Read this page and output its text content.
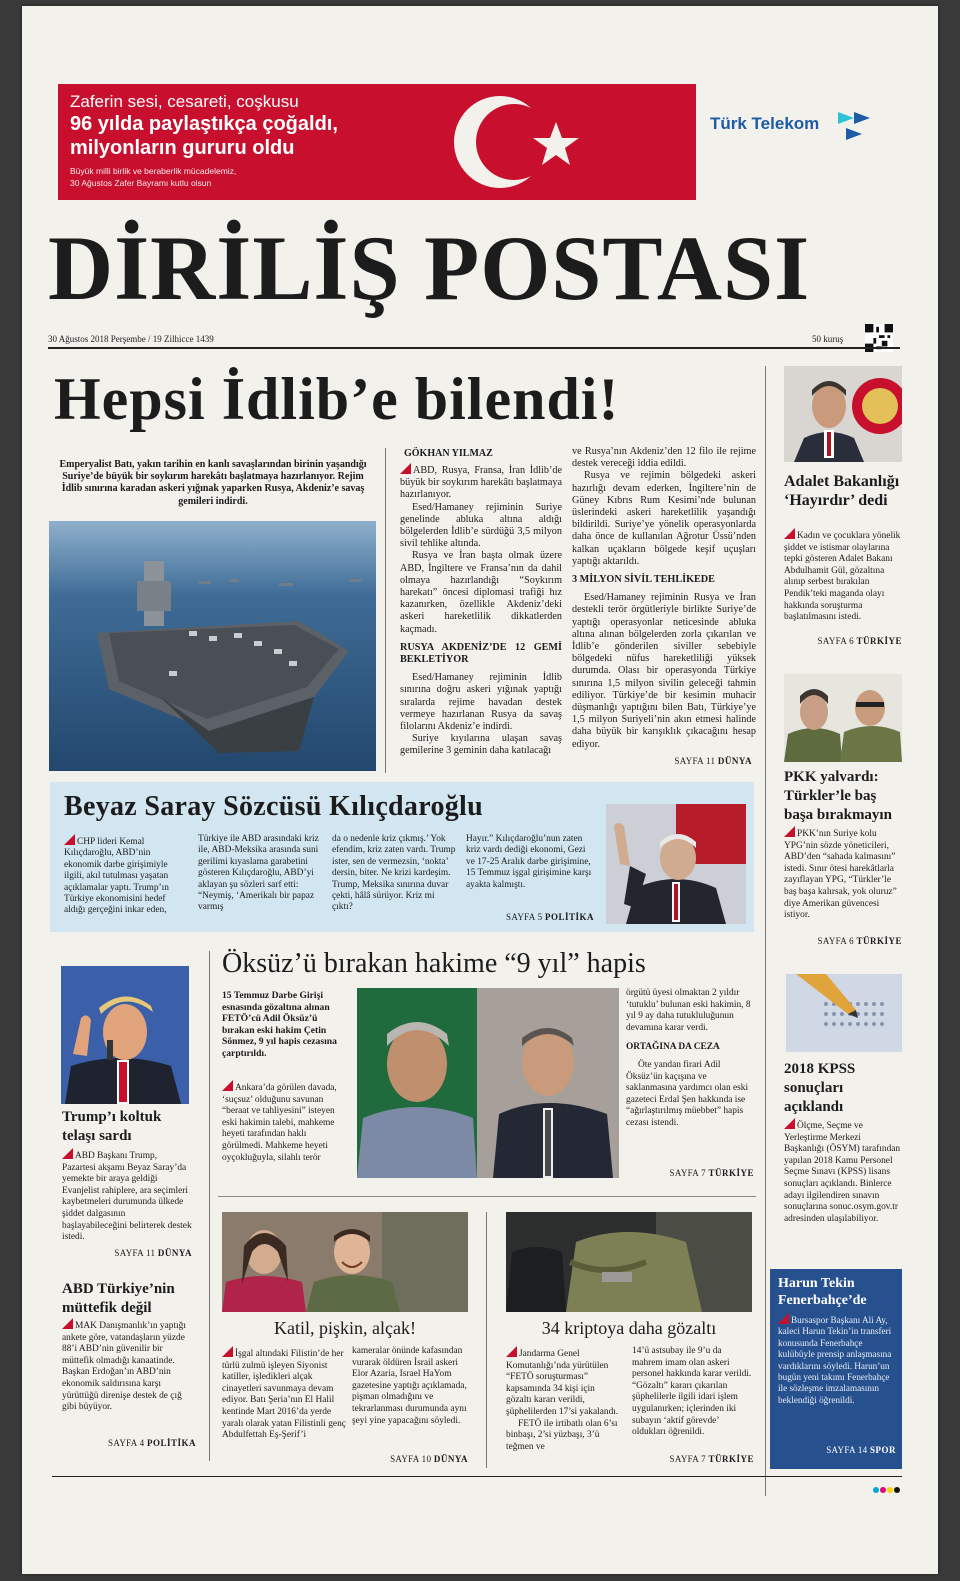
Zaferin sesi, cesareti, coşkusu
96 yılda paylaştıkça çoğaldı,
milyonların gururu oldu
Büyük milli birlik ve beraberlik mücadelemiz,
30 Ağustos Zafer Bayramı kutlu olsun
Türk Telekom
DİRİLİŞ POSTASI
30 Ağustos 2018 Perşembe / 19 Zilhicce 1439	50 kuruş
Hepsi İdlib’e bilendi!
Emperyalist Batı, yakın tarihin en kanlı savaşlarından birinin yaşandığı Suriye’de büyük bir soykırım harekâtı başlatmaya hazırlanıyor. Rejim İdlib sınırına karadan askeri yığınak yaparken Rusya, Akdeniz’e savaş gemileri indirdi.
GÖKHAN YILMAZ
ABD, Rusya, Fransa, İran İdlib’de büyük bir soykırım harekâtı başlatmaya hazırlanıyor.
Esed/Hamaney rejiminin Suriye genelinde abluka altına aldığı bölgelerden İdlib’e sürdüğü 3,5 milyon sivil tehlike altında.
Rusya ve İran başta olmak üzere ABD, İngiltere ve Fransa’nın da dahil olmaya hazırlandığı “Soykırım harekatı” öncesi diplomasi trafiği hız kazanırken, özellikle Akdeniz’deki askeri hareketlilik dikkatlerden kaçmadı.
RUSYA AKDENİZ’DE 12 GEMİ BEKLETİYOR
Esed/Hamaney rejiminin İdlib sınırına doğru askeri yığınak yaptığı sıralarda rejime havadan destek vermeye hazırlanan Rusya da savaş filolarını Akdeniz’e indirdi.
Suriye kıyılarına ulaşan savaş gemilerine 3 geminin daha katılacağı
ve Rusya’nın Akdeniz’den 12 filo ile rejime destek vereceği iddia edildi.
Rusya ve rejimin bölgedeki askeri hazırlığı devam ederken, İngiltere’nin de Güney Kıbrıs Rum Kesimi’nde bulunan üslerindeki askeri hareketlilik yaşandığı bildirildi. Suriye’ye yönelik operasyonlarda daha önce de kullanılan Ağrotur Üssü’nden kalkan uçakların bölgede keşif uçuşları yaptığı aktarıldı.
3 MİLYON SİVİL TEHLİKEDE
Esed/Hamaney rejiminin Rusya ve İran destekli terör örgütleriyle birlikte Suriye’de yaptığı operasyonlar neticesinde abluka altına alınan bölgelerden zorla çıkarılan ve İdlib’e gönderilen siviller sebebiyle bölgedeki nüfus hareketliliği yüksek durumda. Olası bir operasyonda Türkiye sınırına 1,5 milyon sivilin geleceği tahmin ediliyor. Türkiye’de bir kesimin muhacir düşmanlığı yaptığını bilen Batı, Türkiye’ye 1,5 milyon Suriyeli’nin akın etmesi halinde daha büyük bir karışıklık çıkacağını hesap ediyor.
SAYFA 11 DÜNYA
Adalet Bakanlığı ‘Hayırdır’ dedi
Kadın ve çocuklara yönelik şiddet ve istismar olaylarına tepki gösteren Adalet Bakanı Abdulhamit Gül, gözaltına alınıp serbest bırakılan Pendik’teki maganda olayı hakkında soruşturma başlatılmasını istedi.
SAYFA 6 TÜRKİYE
PKK yalvardı: Türkler’le baş başa bırakmayın
PKK’nın Suriye kolu YPG’nin sözde yöneticileri, ABD’den “sahada kalmasını” istedi. Sınır ötesi harekâtlarla zayıflayan YPG, “Türkler’le baş başa kalırsak, yok oluruz” diye Amerikan güvencesi istiyor.
SAYFA 6 TÜRKİYE
2018 KPSS sonuçları açıklandı
Ölçme, Seçme ve Yerleştirme Merkezi Başkanlığı (ÖSYM) tarafından yapılan 2018 Kamu Personel Seçme Sınavı (KPSS) lisans sonuçları açıklandı. Binlerce adayı ilgilendiren sınavın sonuçlarına sonuc.osym.gov.tr adresinden ulaşılabiliyor.
Harun Tekin Fenerbahçe’de
Bursaspor Başkanı Ali Ay, kaleci Harun Tekin’in transferi konusunda Fenerbahçe kulübüyle prensip anlaşmasına vardıklarını söyledi. Harun’un bugün yeni takımı Fenerbahçe ile sözleşme imzalamasının beklendiği öğrenildi.
SAYFA 14 SPOR
Beyaz Saray Sözcüsü Kılıçdaroğlu
CHP lideri Kemal Kılıçdaroğlu, ABD’nin ekonomik darbe girişimiyle ilgili, akıl tutulması yaşatan açıklamalar yaptı. Trump’ın Türkiye ekonomisini hedef aldığı gerçeğini inkar eden,
Türkiye ile ABD arasındaki kriz ile, ABD-Meksika arasında suni gerilimi kıyaslama garabetini gösteren Kılıçdaroğlu, ABD’yi aklayan şu sözleri sarf etti: “Neymiş, ‘Amerikalı bir papaz varmış
da o nedenle kriz çıkmış.’ Yok efendim, kriz zaten vardı. Trump ister, sen de vermezsin, ‘nokta’ dersin, biter. Ne krizi kardeşim. Trump, Meksika sınırına duvar çekti, hâlâ sürüyor. Kriz mi çıktı?
Hayır.” Kılıçdaroğlu’nun zaten kriz vardı dediği ekonomi, Gezi ve 17-25 Aralık darbe girişimine, 15 Temmuz işgal girişimine karşı ayakta kalmıştı.
SAYFA 5 POLİTİKA
Trump’ı koltuk telaşı sardı
ABD Başkanı Trump, Pazartesi akşamı Beyaz Saray’da yemekte bir araya geldiği Evanjelist rahiplere, ara seçimleri kaybetmeleri durumunda ülkede şiddet dalgasının başlayabileceğini belirterek destek istedi.
SAYFA 11 DÜNYA
ABD Türkiye’nin müttefik değil
MAK Danışmanlık’ın yaptığı ankete göre, vatandaşların yüzde 88’i ABD’nin güvenilir bir müttefik olmadığı kanaatinde. Başkan Erdoğan’ın ABD’nin ekonomik saldırısına karşı yürüttüğü direnişe destek de çığ gibi büyüyor.
SAYFA 4 POLİTİKA
Öksüz’ü bırakan hakime “9 yıl” hapis
15 Temmuz Darbe Girişi esnasında gözaltına alınan FETÖ’cü Adil Öksüz’ü bırakan eski hakim Çetin Sönmez, 9 yıl hapis cezasına çarptırıldı.
Ankara’da görülen davada, ‘suçsuz’ olduğunu savunan “beraat ve tahliyesini” isteyen eski hakimin talebi, mahkeme heyeti tarafından haklı görülmedi. Mahkeme heyeti oyçokluğuyla, silahlı terör
örgütü üyesi olmaktan 2 yıldır ‘tutuklu’ bulunan eski hakimin, 8 yıl 9 ay daha tutukluluğunun devamına karar verdi.
ORTAĞINA DA CEZA
Öte yandan firari Adil Öksüz’ün kaçışına ve saklanmasına yardımcı olan eski gazeteci Erdal Şen hakkında ise “ağırlaştırılmış müebbet” hapis cezası istendi.
SAYFA 7 TÜRKİYE
Katil, pişkin, alçak!
İşgal altındaki Filistin’de her türlü zulmü işleyen Siyonist katiller, işledikleri alçak cinayetleri savunmaya devam ediyor. Batı Şeria’nın El Halil kentinde Mart 2016’da yerde yaralı olarak yatan Filistinli genç Abdulfettah Eş-Şerif’i
kameralar önünde kafasından vurarak öldüren İsrail askeri Elor Azaria, Israel HaYom gazetesine yaptığı açıklamada, pişman olmadığını ve tekrarlanması durumunda aynı şeyi yine yapacağını söyledi.
SAYFA 10 DÜNYA
34 kriptoya daha gözaltı
Jandarma Genel Komutanlığı’nda yürütülen “FETÖ soruşturması” kapsamında 34 kişi için gözaltı kararı verildi, şüphelilerden 17’si yakalandı.
FETÖ ile irtibatlı olan 6’sı binbaşı, 2’si yüzbaşı, 3’ü teğmen ve
14’ü astsubay ile 9’u da mahrem imam olan askeri personel hakkında karar verildi. “Gözaltı” kararı çıkarılan şüphelilerle ilgili idari işlem uygulanırken; içlerinden iki subayın ‘aktif görevde’ oldukları öğrenildi.
SAYFA 7 TÜRKİYE
